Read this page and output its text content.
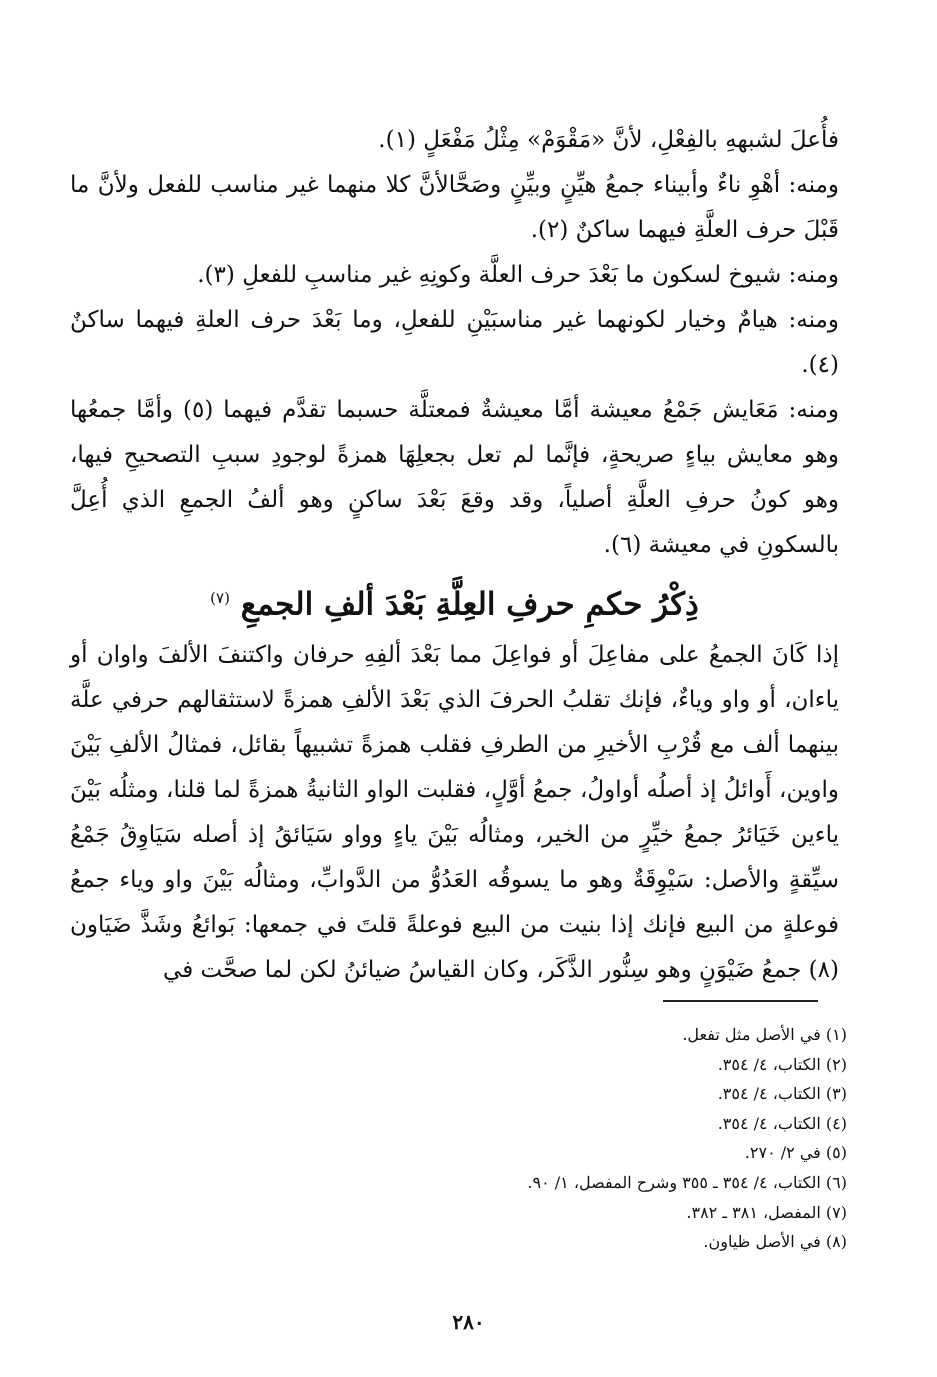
فأُعلَ لشبههِ بالفِعْلِ، لأنَّ «مَقْوَمْ» مِثْلُ مَفْعَلٍ (١).

ومنه: أهْوِ ناءٌ وأبيناء جمعُ هيِّنٍ وبيِّنٍ وصَحَّالأنَّ كلا منهما غير مناسب للفعل ولأنَّ ما قَبْلَ حرف العلَّةِ فيهما ساكنٌ (٢).

ومنه: شيوخ لسكون ما بَعْدَ حرف العلَّة وكونِهِ غير مناسبِ للفعلِ (٣).

ومنه: هيامٌ وخيار لكونهما غير مناسبَيْنِ للفعلِ، وما بَعْدَ حرف العلةِ فيهما ساكنٌ (٤).

ومنه: مَعَايش جَمْعُ معيشة أمَّا معيشةٌ فمعتلَّة حسبما تقدَّم فيهما (٥) وأمَّا جمعُها وهو معايش بياءٍ صريحةٍ، فإنَّما لم تعل بجعلِهَا همزةً لوجودِ سببِ التصحيحِ فيها، وهو كونُ حرفِ العلَّةِ أصلياً، وقد وقعَ بَعْدَ ساكنٍ وهو ألفُ الجمعِ الذي أُعِلَّ بالسكونِ في معيشة (٦).

ذِكْرُ حكمِ حرفِ العِلَّةِ بَعْدَ ألفِ الجمعِ $^{(٧)}$

إذا كَانَ الجمعُ على مفاعِلَ أو فواعِلَ مما بَعْدَ ألفِهِ حرفان واكتنفَ الألفَ واوان أو ياءان، أو واو وياءٌ، فإنك تقلبُ الحرفَ الذي بَعْدَ الألفِ همزةً لاستثقالهم حرفي علَّة بينهما ألف مع قُرْبِ الأخيرِ من الطرفِ فقلب همزةً تشبيهاً بقائل، فمثالُ الألفِ بَيْنَ واوين، أَوائلُ إذ أصلُه أواولُ، جمعُ أوَّلٍ، فقلبت الواو الثانيةُ همزةً لما قلنا، ومثلُه بَيْنَ ياءين خَيَائرُ جمعُ خيِّرٍ من الخير، ومثالُه بَيْنَ ياءٍ وواو سَيَائقُ إذ أصله سَيَاوِقُ جَمْعُ سيِّقةٍ والأصل: سَيْوِقَةٌ وهو ما يسوقُه العَدُوُّ من الدَّوابِّ، ومثالُه بَيْنَ واو وياء جمعُ فوعلةٍ من البيع فإنك إذا بنيت من البيع فوعلةً قلتَ في جمعها: بَوائعُ وشَذَّ ضَيَاون (٨) جمعُ ضَيْوَنٍ وهو سِنُّور الذَّكَر، وكان القياسُ ضيائنُ لكن لما صحَّت في

(١) في الأصل مثل تفعل.
(٢) الكتاب، ٤/ ٣٥٤.
(٣) الكتاب، ٤/ ٣٥٤.
(٤) الكتاب، ٤/ ٣٥٤.
(٥) في ٢/ ٢٧٠.
(٦) الكتاب، ٤/ ٣٥٤ ـ ٣٥٥ وشرح المفصل، ١/ ٩٠.
(٧) المفصل، ٣٨١ ـ ٣٨٢.
(٨) في الأصل ظياون.
٢٨٠
